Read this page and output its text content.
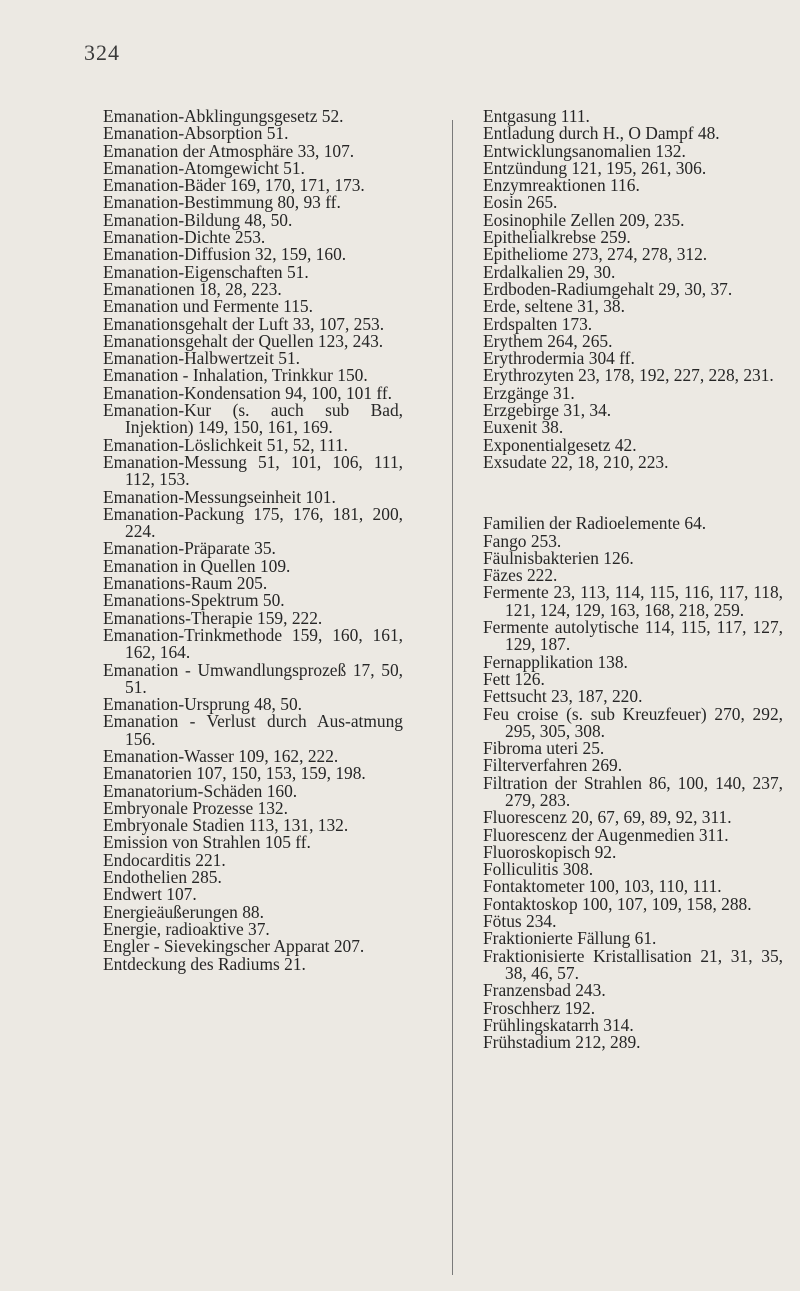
324

Emanation-Abklingungsgesetz 52.

Emanation-Absorption 51.

Emanation der Atmosphäre 33, 107.

Emanation-Atomgewicht 51.

Emanation-Bäder 169, 170, 171, 173.

Emanation-Bestimmung 80, 93 ff.

Emanation-Bildung 48, 50.

Emanation-Dichte 253.

Emanation-Diffusion 32, 159, 160.

Emanation-Eigenschaften 51.

Emanationen 18, 28, 223.

Emanation und Fermente 115.

Emanationsgehalt der Luft 33, 107, 253.

Emanationsgehalt der Quellen 123, 243.

Emanation-Halbwertzeit 51.

Emanation - Inhalation, Trinkkur 150.

Emanation-Kondensation 94, 100, 101 ff.

Emanation-Kur (s. auch sub Bad, Injektion) 149, 150, 161, 169.

Emanation-Löslichkeit 51, 52, 111.

Emanation-Messung 51, 101, 106, 111, 112, 153.

Emanation-Messungseinheit 101.

Emanation-Packung 175, 176, 181, 200, 224.

Emanation-Präparate 35.

Emanation in Quellen 109.

Emanations-Raum 205.

Emanations-Spektrum 50.

Emanations-Therapie 159, 222.

Emanation-Trinkmethode 159, 160, 161, 162, 164.

Emanation - Umwandlungsprozeß 17, 50, 51.

Emanation-Ursprung 48, 50.

Emanation - Verlust durch Aus-atmung 156.

Emanation-Wasser 109, 162, 222.

Emanatorien 107, 150, 153, 159, 198.

Emanatorium-Schäden 160.

Embryonale Prozesse 132.

Embryonale Stadien 113, 131, 132.

Emission von Strahlen 105 ff.

Endocarditis 221.

Endothelien 285.

Endwert 107.

Energieäußerungen 88.

Energie, radioaktive 37.

Engler - Sievekingscher Apparat 207.

Entdeckung des Radiums 21.

Entgasung 111.

Entladung durch H., O Dampf 48.

Entwicklungsanomalien 132.

Entzündung 121, 195, 261, 306.

Enzymreaktionen 116.

Eosin 265.

Eosinophile Zellen 209, 235.

Epithelialkrebse 259.

Epitheliome 273, 274, 278, 312.

Erdalkalien 29, 30.

Erdboden-Radiumgehalt 29, 30, 37.

Erde, seltene 31, 38.

Erdspalten 173.

Erythem 264, 265.

Erythrodermia 304 ff.

Erythrozyten 23, 178, 192, 227, 228, 231.

Erzgänge 31.

Erzgebirge 31, 34.

Euxenit 38.

Exponentialgesetz 42.

Exsudate 22, 18, 210, 223.

Familien der Radioelemente 64.

Fango 253.

Fäulnisbakterien 126.

Fäzes 222.

Fermente 23, 113, 114, 115, 116, 117, 118, 121, 124, 129, 163, 168, 218, 259.

Fermente autolytische 114, 115, 117, 127, 129, 187.

Fernapplikation 138.

Fett 126.

Fettsucht 23, 187, 220.

Feu croise (s. sub Kreuzfeuer) 270, 292, 295, 305, 308.

Fibroma uteri 25.

Filterverfahren 269.

Filtration der Strahlen 86, 100, 140, 237, 279, 283.

Fluorescenz 20, 67, 69, 89, 92, 311.

Fluorescenz der Augenmedien 311.

Fluoroskopisch 92.

Folliculitis 308.

Fontaktometer 100, 103, 110, 111.

Fontaktoskop 100, 107, 109, 158, 288.

Fötus 234.

Fraktionierte Fällung 61.

Fraktionisierte Kristallisation 21, 31, 35, 38, 46, 57.

Franzensbad 243.

Froschherz 192.

Frühlingskatarrh 314.

Frühstadium 212, 289.
